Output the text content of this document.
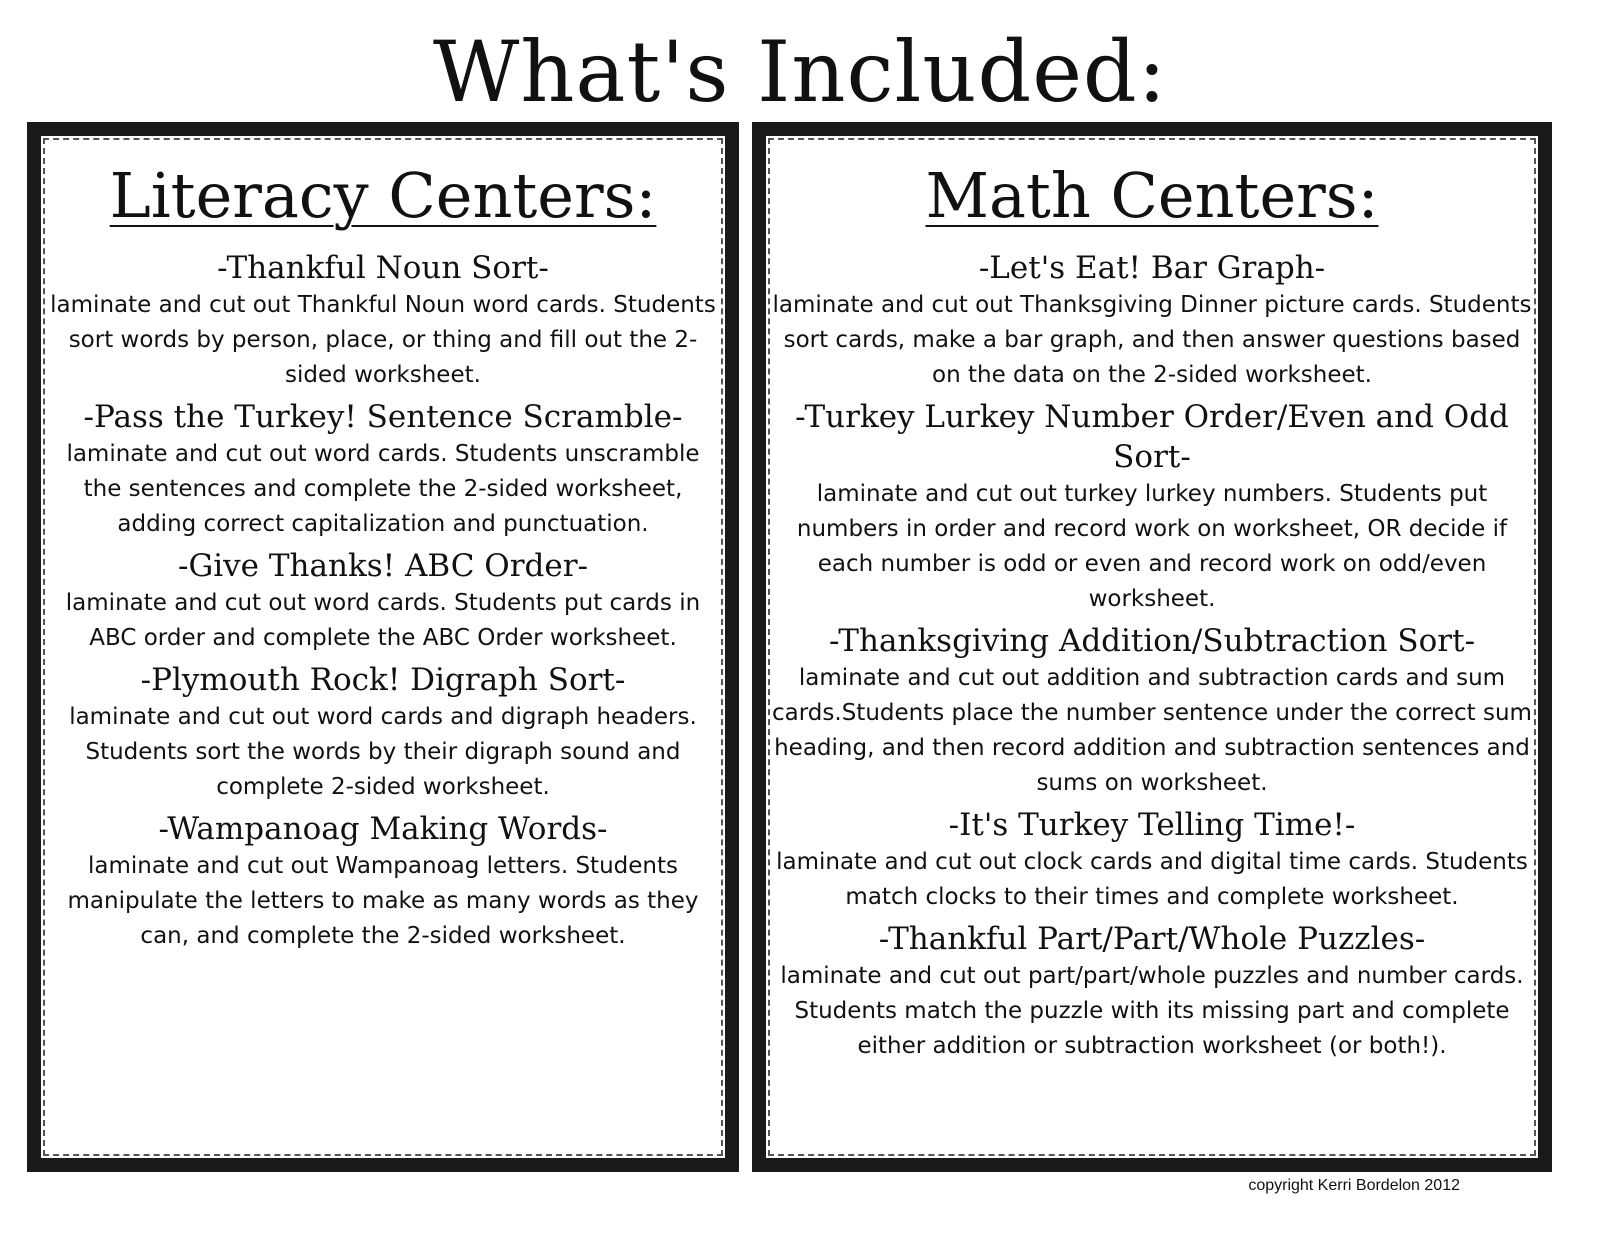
What's Included:
Literacy Centers:

-Thankful Noun Sort-

laminate and cut out Thankful Noun word cards. Students sort words by person, place, or thing and fill out the 2-sided worksheet.

-Pass the Turkey! Sentence Scramble-

laminate and cut out word cards. Students unscramble the sentences and complete the 2-sided worksheet, adding correct capitalization and punctuation.

-Give Thanks! ABC Order-

laminate and cut out word cards. Students put cards in ABC order and complete the ABC Order worksheet.

-Plymouth Rock! Digraph Sort-

laminate and cut out word cards and digraph headers. Students sort the words by their digraph sound and complete 2-sided worksheet.

-Wampanoag Making Words-

laminate and cut out Wampanoag letters. Students manipulate the letters to make as many words as they can, and complete the 2-sided worksheet.

Math Centers:

-Let's Eat! Bar Graph-

laminate and cut out Thanksgiving Dinner picture cards. Students sort cards, make a bar graph, and then answer questions based on the data on the 2-sided worksheet.

-Turkey Lurkey Number Order/Even and Odd Sort-

laminate and cut out turkey lurkey numbers. Students put numbers in order and record work on worksheet, OR decide if each number is odd or even and record work on odd/even worksheet.

-Thanksgiving Addition/Subtraction Sort-

laminate and cut out addition and subtraction cards and sum cards.Students place the number sentence under the correct sum heading, and then record addition and subtraction sentences and sums on worksheet.

-It's Turkey Telling Time!-

laminate and cut out clock cards and digital time cards. Students match clocks to their times and complete worksheet.

-Thankful Part/Part/Whole Puzzles-

laminate and cut out part/part/whole puzzles and number cards. Students match the puzzle with its missing part and complete either addition or subtraction worksheet (or both!).

copyright Kerri Bordelon 2012
